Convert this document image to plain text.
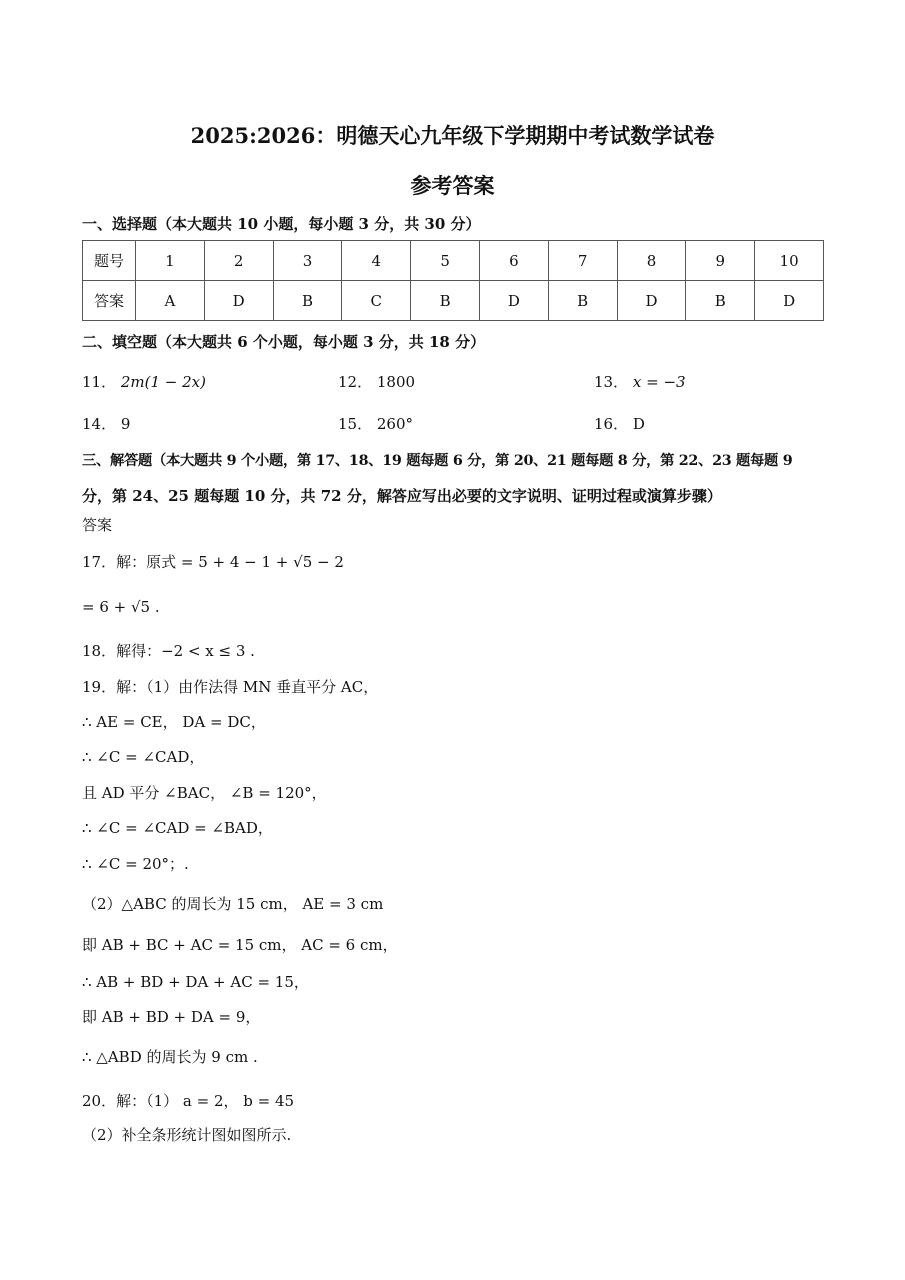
2025:2026：明德天心九年级下学期期中考试数学试卷
参考答案
一、选择题（本大题共 10 小题，每小题 3 分，共 30 分）
题号	1	2	3	4	5	6	7	8	9	10
答案	A	D	B	C	B	D	B	D	B	D
二、填空题（本大题共 6 个小题，每小题 3 分，共 18 分）
11． 2m(1 − 2x)	12． 1800	13． x = −3
14． 9	15． 260°	16． D
三、解答题（本大题共 9 个小题，第 17、18、19 题每题 6 分，第 20、21 题每题 8 分，第 22、23 题每题 9
分，第 24、25 题每题 10 分，共 72 分，解答应写出必要的文字说明、证明过程或演算步骤）
答案
17．解：原式 = 5 + 4 − 1 + √5 − 2
= 6 + √5 .
18．解得：−2 < x ≤ 3 .
19．解：（1）由作法得 MN 垂直平分 AC，
∴ AE = CE， DA = DC，
∴ ∠C = ∠CAD，
且 AD 平分 ∠BAC， ∠B = 120°，
∴ ∠C = ∠CAD = ∠BAD，
∴ ∠C = 20°；.
（2）△ABC 的周长为 15 cm， AE = 3 cm
即 AB + BC + AC = 15 cm， AC = 6 cm，
∴ AB + BD + DA + AC = 15，
即 AB + BD + DA = 9，
∴ △ABD 的周长为 9 cm .
20．解：（1） a = 2， b = 45
（2）补全条形统计图如图所示.
